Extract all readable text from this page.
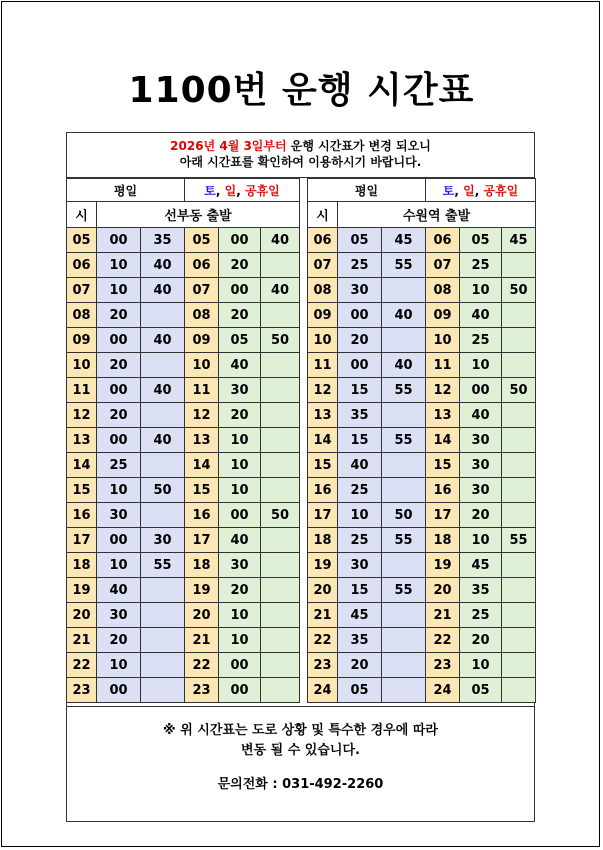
1100번 운행 시간표
2026년 4월 3일부터 운행 시간표가 변경 되오니
아래 시간표를 확인하여 이용하시기 바랍니다.
평일			토, 일, 공휴일		
시	선부동 출발				
05	00	35	05	00	40
06	10	40	06	20	
07	10	40	07	00	40
08	20		08	20	
09	00	40	09	05	50
10	20		10	40	
11	00	40	11	30	
12	20		12	20	
13	00	40	13	10	
14	25		14	10	
15	10	50	15	10	
16	30		16	00	50
17	00	30	17	40	
18	10	55	18	30	
19	40		19	20	
20	30		20	10	
21	20		21	10	
22	10		22	00	
23	00		23	00	
평일			토, 일, 공휴일		
시	수원역 출발				
06	05	45	06	05	45
07	25	55	07	25	
08	30		08	10	50
09	00	40	09	40	
10	20		10	25	
11	00	40	11	10	
12	15	55	12	00	50
13	35		13	40	
14	15	55	14	30	
15	40		15	30	
16	25		16	30	
17	10	50	17	20	
18	25	55	18	10	55
19	30		19	45	
20	15	55	20	35	
21	45		21	25	
22	35		22	20	
23	20		23	10	
24	05		24	05	
※ 위 시간표는 도로 상황 및 특수한 경우에 따라
변동 될 수 있습니다.
문의전화 : 031-492-2260
